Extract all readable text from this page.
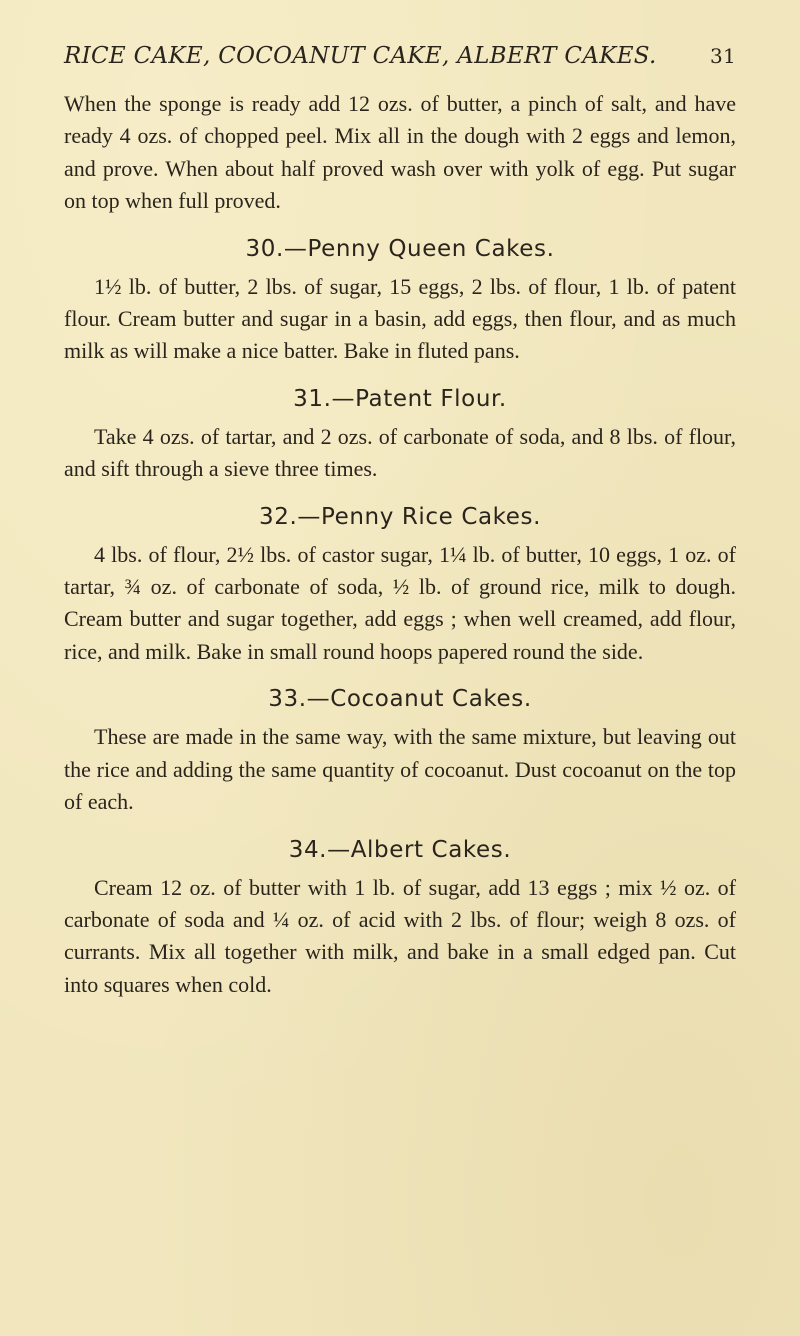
RICE CAKE, COCOANUT CAKE, ALBERT CAKES.	31

When the sponge is ready add 12 ozs. of butter, a pinch of salt, and have ready 4 ozs. of chopped peel. Mix all in the dough with 2 eggs and lemon, and prove. When about half proved wash over with yolk of egg. Put sugar on top when full proved.

30.—Penny Queen Cakes.

1½ lb. of butter, 2 lbs. of sugar, 15 eggs, 2 lbs. of flour, 1 lb. of patent flour. Cream butter and sugar in a basin, add eggs, then flour, and as much milk as will make a nice batter. Bake in fluted pans.

31.—Patent Flour.

Take 4 ozs. of tartar, and 2 ozs. of carbonate of soda, and 8 lbs. of flour, and sift through a sieve three times.

32.—Penny Rice Cakes.

4 lbs. of flour, 2½ lbs. of castor sugar, 1¼ lb. of butter, 10 eggs, 1 oz. of tartar, ¾ oz. of carbonate of soda, ½ lb. of ground rice, milk to dough. Cream butter and sugar together, add eggs ; when well creamed, add flour, rice, and milk. Bake in small round hoops papered round the side.

33.—Cocoanut Cakes.

These are made in the same way, with the same mixture, but leaving out the rice and adding the same quantity of cocoanut. Dust cocoanut on the top of each.

34.—Albert Cakes.

Cream 12 oz. of butter with 1 lb. of sugar, add 13 eggs ; mix ½ oz. of carbonate of soda and ¼ oz. of acid with 2 lbs. of flour; weigh 8 ozs. of currants. Mix all together with milk, and bake in a small edged pan. Cut into squares when cold.
